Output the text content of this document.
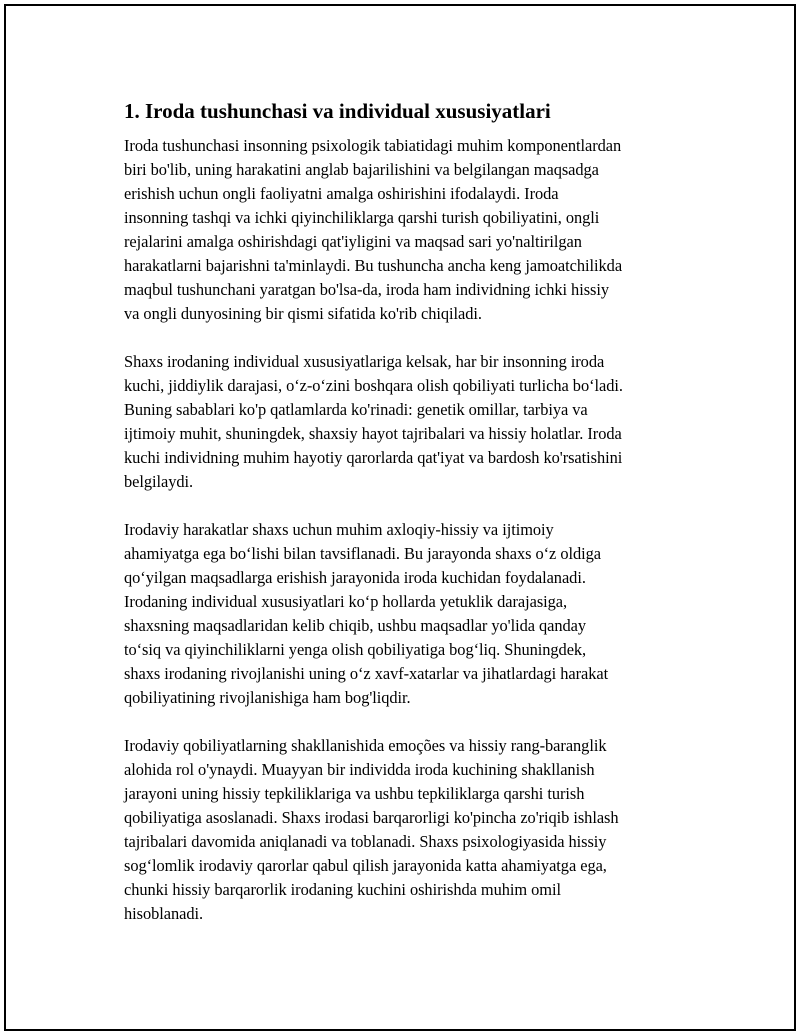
1. Iroda tushunchasi va individual xususiyatlari

Iroda tushunchasi insonning psixologik tabiatidagi muhim komponentlardan
biri bo'lib, uning harakatini anglab bajarilishini va belgilangan maqsadga
erishish uchun ongli faoliyatni amalga oshirishini ifodalaydi. Iroda
insonning tashqi va ichki qiyinchiliklarga qarshi turish qobiliyatini, ongli
rejalarini amalga oshirishdagi qat'iyligini va maqsad sari yo'naltirilgan
harakatlarni bajarishni ta'minlaydi. Bu tushuncha ancha keng jamoatchilikda
maqbul tushunchani yaratgan bo'lsa-da, iroda ham individning ichki hissiy
va ongli dunyosining bir qismi sifatida ko'rib chiqiladi.

Shaxs irodaning individual xususiyatlariga kelsak, har bir insonning iroda
kuchi, jiddiylik darajasi, o‘z-o‘zini boshqara olish qobiliyati turlicha bo‘ladi.
Buning sabablari ko'p qatlamlarda ko'rinadi: genetik omillar, tarbiya va
ijtimoiy muhit, shuningdek, shaxsiy hayot tajribalari va hissiy holatlar. Iroda
kuchi individning muhim hayotiy qarorlarda qat'iyat va bardosh ko'rsatishini
belgilaydi.

Irodaviy harakatlar shaxs uchun muhim axloqiy-hissiy va ijtimoiy
ahamiyatga ega bo‘lishi bilan tavsiflanadi. Bu jarayonda shaxs o‘z oldiga
qo‘yilgan maqsadlarga erishish jarayonida iroda kuchidan foydalanadi.
Irodaning individual xususiyatlari ko‘p hollarda yetuklik darajasiga,
shaxsning maqsadlaridan kelib chiqib, ushbu maqsadlar yo'lida qanday
to‘siq va qiyinchiliklarni yenga olish qobiliyatiga bog‘liq. Shuningdek,
shaxs irodaning rivojlanishi uning o‘z xavf-xatarlar va jihatlardagi harakat
qobiliyatining rivojlanishiga ham bog'liqdir.

Irodaviy qobiliyatlarning shakllanishida emoções va hissiy rang-baranglik
alohida rol o'ynaydi. Muayyan bir individda iroda kuchining shakllanish
jarayoni uning hissiy tepkiliklariga va ushbu tepkiliklarga qarshi turish
qobiliyatiga asoslanadi. Shaxs irodasi barqarorligi ko'pincha zo'riqib ishlash
tajribalari davomida aniqlanadi va toblanadi. Shaxs psixologiyasida hissiy
sog‘lomlik irodaviy qarorlar qabul qilish jarayonida katta ahamiyatga ega,
chunki hissiy barqarorlik irodaning kuchini oshirishda muhim omil
hisoblanadi.
